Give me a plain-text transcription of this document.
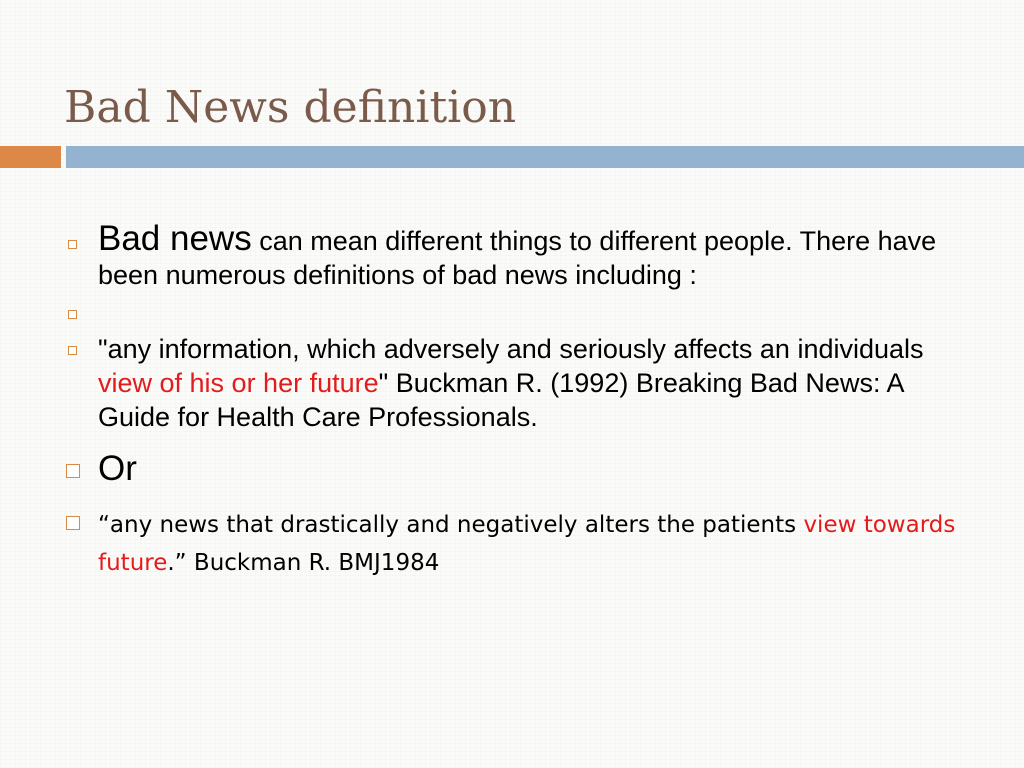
Bad News definition
Bad news can mean different things to different people. There have been numerous definitions of bad news including :
"any information, which adversely and seriously affects an individuals view of his or her future" Buckman R. (1992) Breaking Bad News: A Guide for Health Care Professionals.
Or
“any news that drastically and negatively alters the patients view towards future.” Buckman R. BMJ1984
